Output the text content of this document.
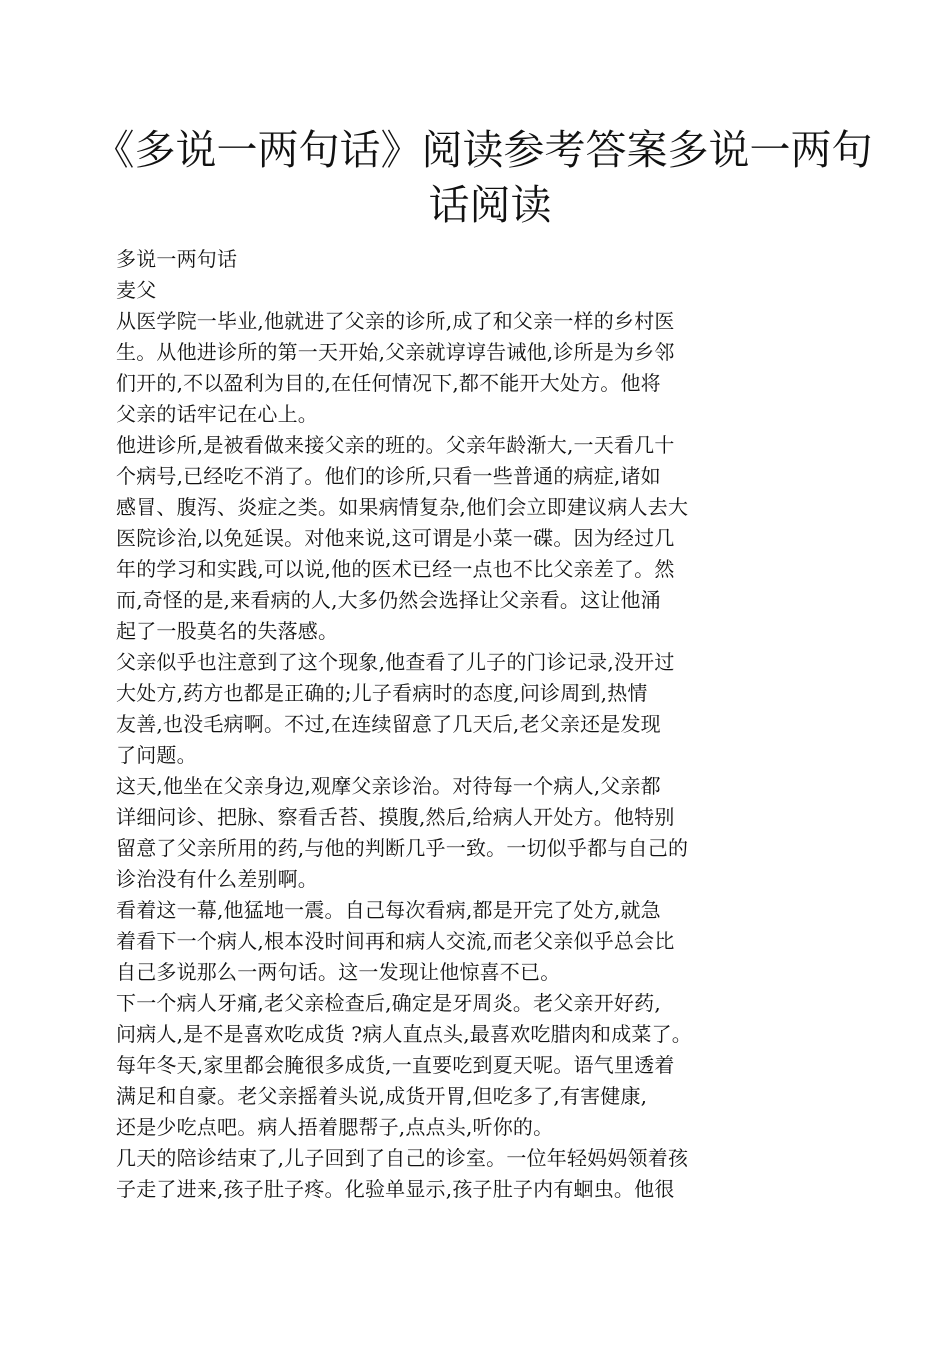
《多说一两句话》阅读参考答案多说一两句
话阅读
多说一两句话
麦父
从医学院一毕业,他就进了父亲的诊所,成了和父亲一样的乡村医
生。从他进诊所的第一天开始,父亲就谆谆告诫他,诊所是为乡邻
们开的,不以盈利为目的,在任何情况下,都不能开大处方。他将
父亲的话牢记在心上。
他进诊所,是被看做来接父亲的班的。父亲年龄渐大,一天看几十
个病号,已经吃不消了。他们的诊所,只看一些普通的病症,诸如
感冒、腹泻、炎症之类。如果病情复杂,他们会立即建议病人去大
医院诊治,以免延误。对他来说,这可谓是小菜一碟。因为经过几
年的学习和实践,可以说,他的医术已经一点也不比父亲差了。然
而,奇怪的是,来看病的人,大多仍然会选择让父亲看。这让他涌
起了一股莫名的失落感。
父亲似乎也注意到了这个现象,他查看了儿子的门诊记录,没开过
大处方,药方也都是正确的;儿子看病时的态度,问诊周到,热情
友善,也没毛病啊。不过,在连续留意了几天后,老父亲还是发现
了问题。
这天,他坐在父亲身边,观摩父亲诊治。对待每一个病人,父亲都
详细问诊、把脉、察看舌苔、摸腹,然后,给病人开处方。他特别
留意了父亲所用的药,与他的判断几乎一致。一切似乎都与自己的
诊治没有什么差别啊。
看着这一幕,他猛地一震。自己每次看病,都是开完了处方,就急
着看下一个病人,根本没时间再和病人交流,而老父亲似乎总会比
自己多说那么一两句话。这一发现让他惊喜不已。
下一个病人牙痛,老父亲检查后,确定是牙周炎。老父亲开好药,
问病人,是不是喜欢吃成货 ?病人直点头,最喜欢吃腊肉和成菜了。
每年冬天,家里都会腌很多成货,一直要吃到夏天呢。语气里透着
满足和自豪。老父亲摇着头说,成货开胃,但吃多了,有害健康,
还是少吃点吧。病人捂着腮帮子,点点头,听你的。
几天的陪诊结束了,儿子回到了自己的诊室。一位年轻妈妈领着孩
子走了进来,孩子肚子疼。化验单显示,孩子肚子内有蛔虫。他很
